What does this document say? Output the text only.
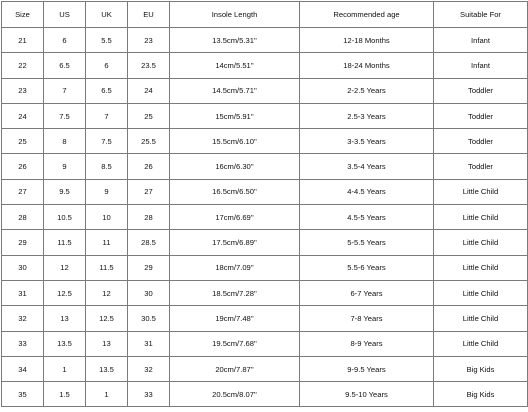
Size	US	UK	EU	Insole Length	Recommended age	Suitable For
21	6	5.5	23	13.5cm/5.31''	12-18 Months	Infant
22	6.5	6	23.5	14cm/5.51''	18-24 Months	Infant
23	7	6.5	24	14.5cm/5.71''	2-2.5 Years	Toddler
24	7.5	7	25	15cm/5.91''	2.5-3 Years	Toddler
25	8	7.5	25.5	15.5cm/6.10''	3-3.5 Years	Toddler
26	9	8.5	26	16cm/6.30''	3.5-4 Years	Toddler
27	9.5	9	27	16.5cm/6.50''	4-4.5 Years	Little Child
28	10.5	10	28	17cm/6.69''	4.5-5 Years	Little Child
29	11.5	11	28.5	17.5cm/6.89''	5-5.5 Years	Little Child
30	12	11.5	29	18cm/7.09''	5.5-6 Years	Little Child
31	12.5	12	30	18.5cm/7.28''	6-7 Years	Little Child
32	13	12.5	30.5	19cm/7.48''	7-8 Years	Little Child
33	13.5	13	31	19.5cm/7.68''	8-9 Years	Little Child
34	1	13.5	32	20cm/7.87''	9-9.5 Years	Big Kids
35	1.5	1	33	20.5cm/8.07''	9.5-10 Years	Big Kids
